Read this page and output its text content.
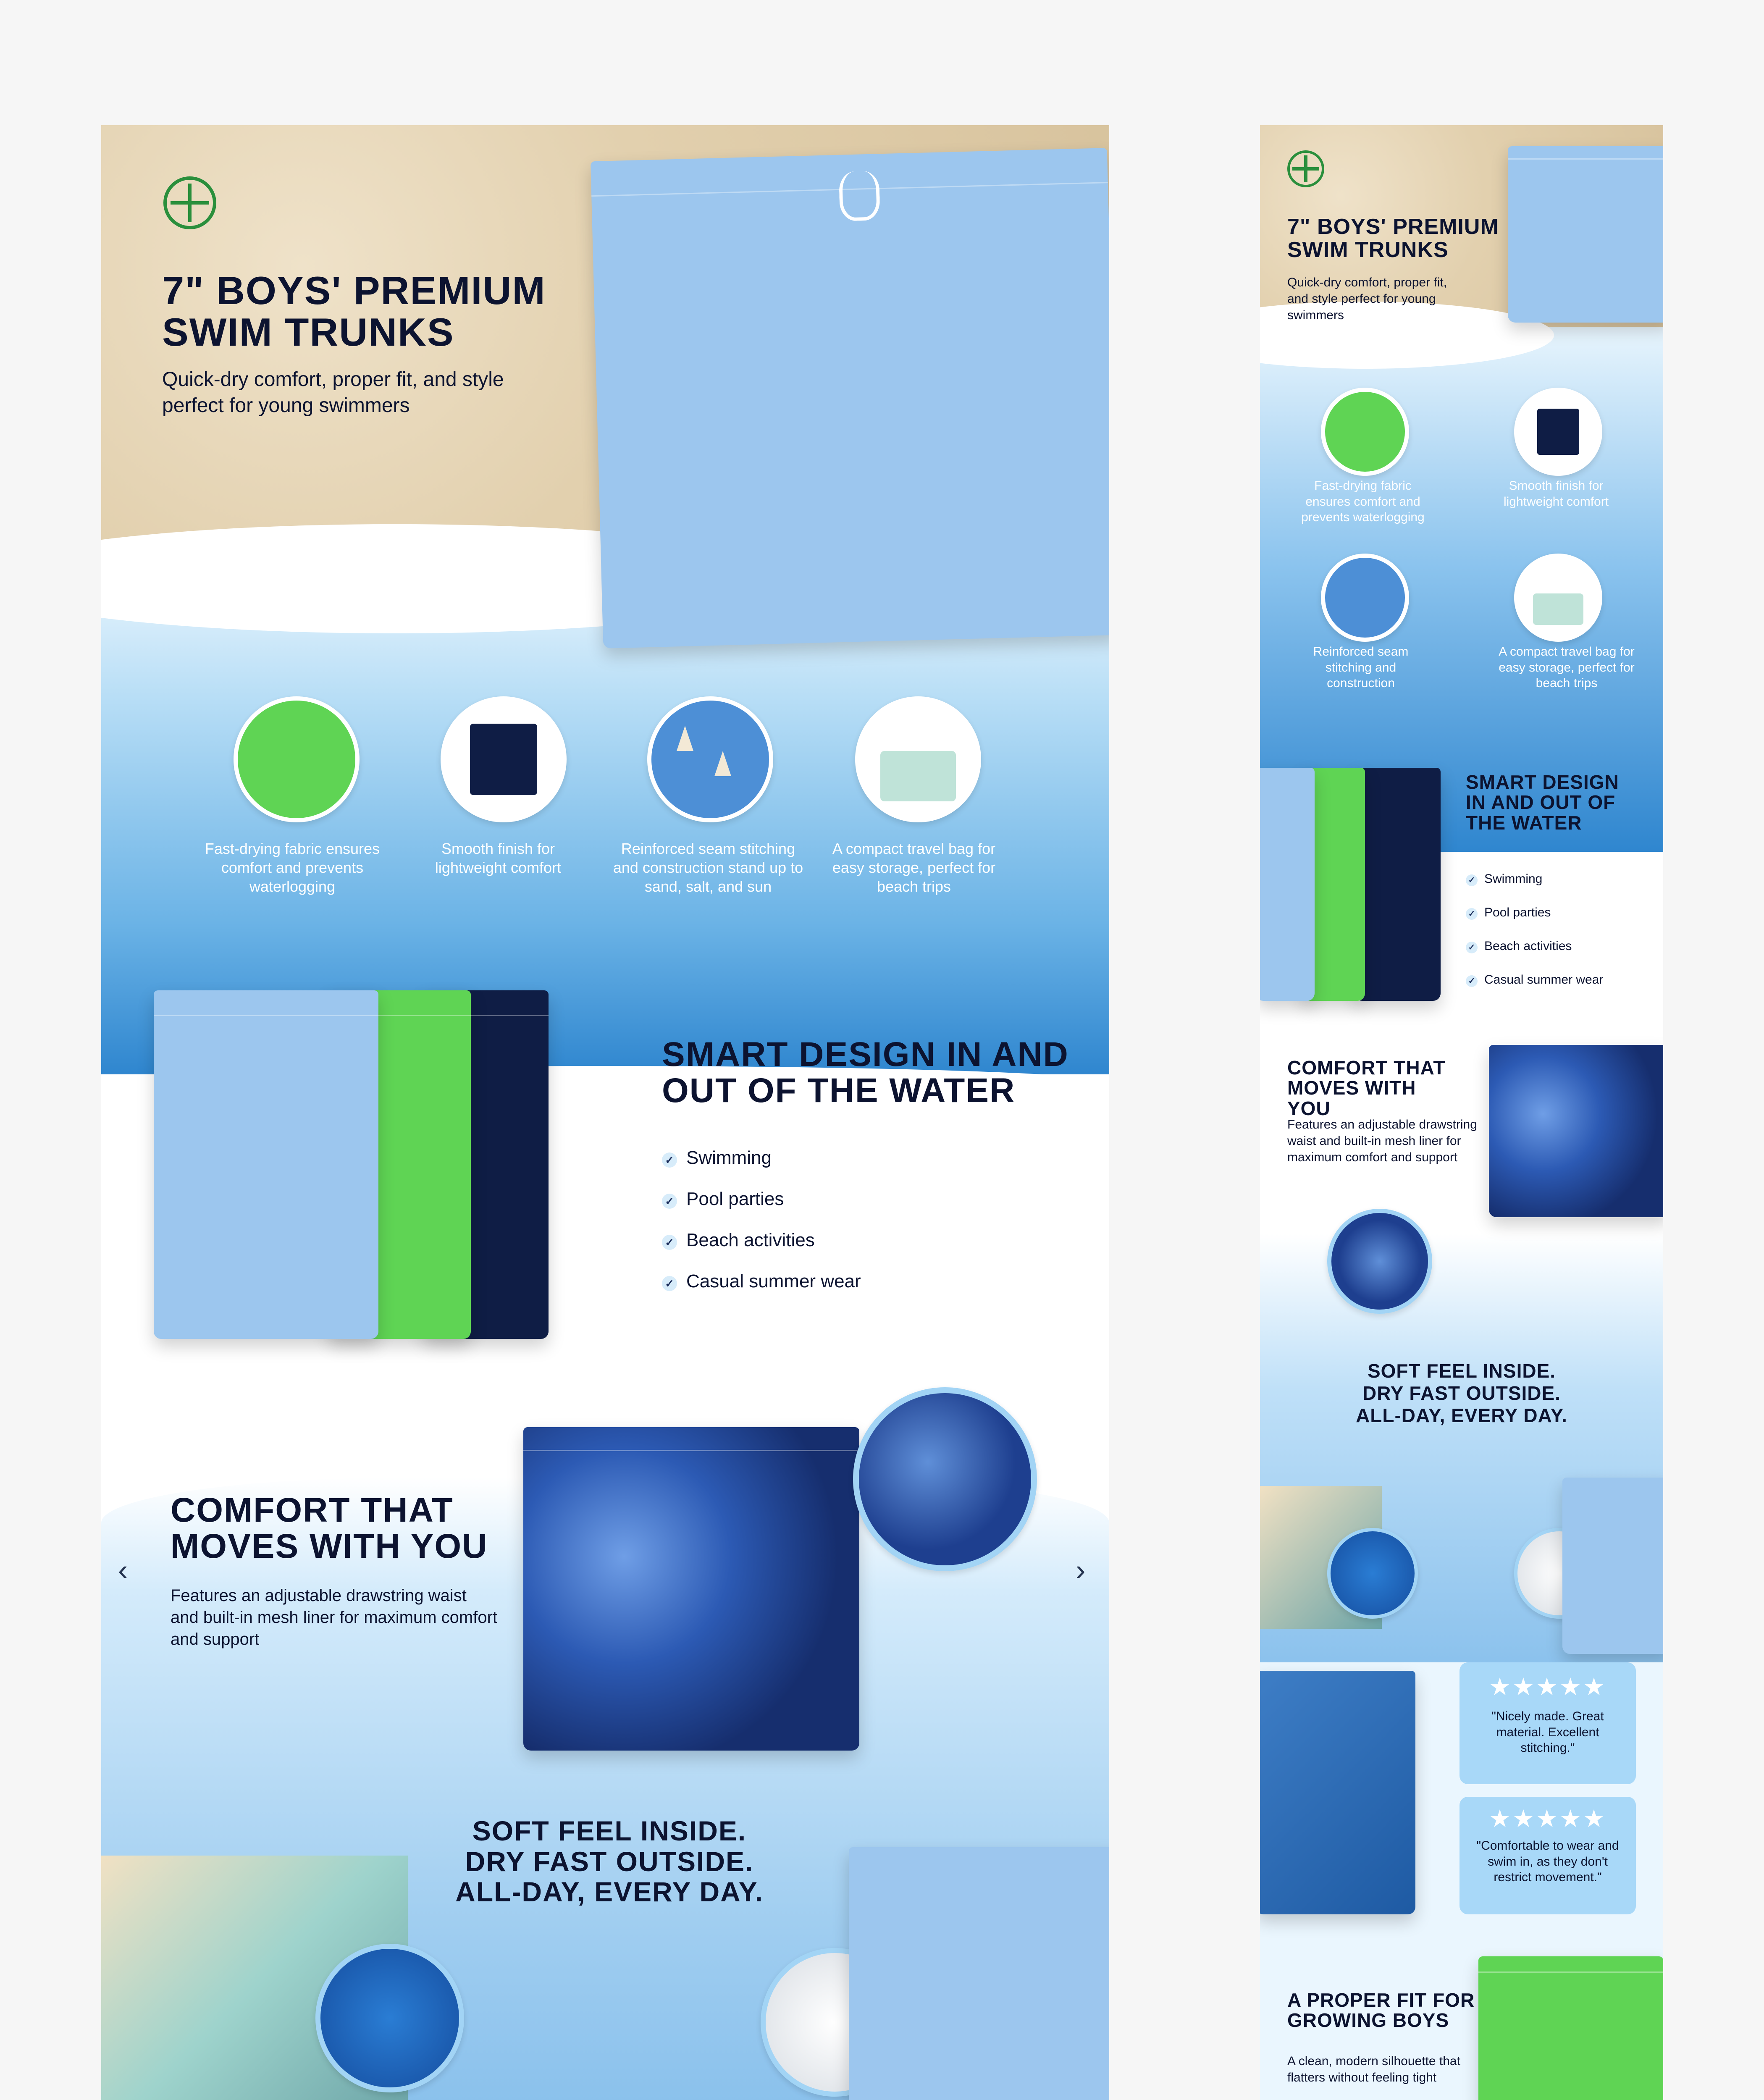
7" BOYS' PREMIUM SWIM TRUNKS
Quick-dry comfort, proper fit, and style perfect for young swimmers
Fast-drying fabric ensures comfort and prevents waterlogging
Smooth finish for lightweight comfort
Reinforced seam stitching and construction stand up to sand, salt, and sun
A compact travel bag for easy storage, perfect for beach trips
SMART DESIGN IN AND OUT OF THE WATER
✓ Swimming
✓ Pool parties
✓ Beach activities
✓ Casual summer wear
COMFORT THAT MOVES WITH YOU
Features an adjustable drawstring waist and built-in mesh liner for maximum comfort and support
‹	›
SOFT FEEL INSIDE. DRY FAST OUTSIDE. ALL-DAY, EVERY DAY.
7" BOYS' PREMIUM SWIM TRUNKS
Quick-dry comfort, proper fit, and style perfect for young swimmers
Fast-drying fabric ensures comfort and prevents waterlogging
Smooth finish for lightweight comfort
Reinforced seam stitching and construction
A compact travel bag for easy storage, perfect for beach trips
SMART DESIGN IN AND OUT OF THE WATER
✓ Swimming
✓ Pool parties
✓ Beach activities
✓ Casual summer wear
COMFORT THAT MOVES WITH YOU
Features an adjustable drawstring waist and built-in mesh liner for maximum comfort and support
SOFT FEEL INSIDE. DRY FAST OUTSIDE. ALL-DAY, EVERY DAY.
★★★★★
"Nicely made. Great material. Excellent stitching."
★★★★★
"Comfortable to wear and swim in, as they don't restrict movement."
A PROPER FIT FOR GROWING BOYS
A clean, modern silhouette that flatters without feeling tight
